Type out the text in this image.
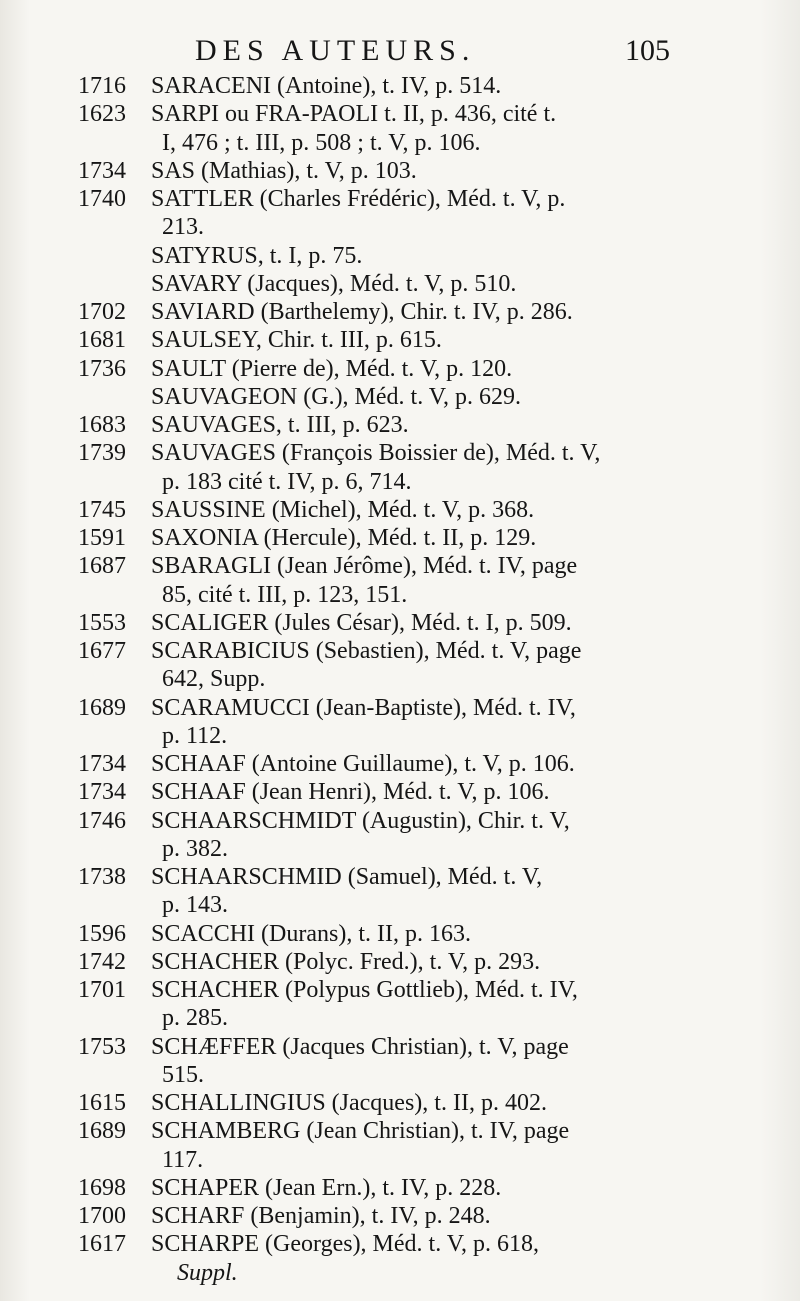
DES AUTEURS.	105
1716	SARACENI (Antoine), t. IV, p. 514.
1623	SARPI ou FRA-PAOLI t. II, p. 436, cité t.
I, 476 ; t. III, p. 508 ; t. V, p. 106.
1734	SAS (Mathias), t. V, p. 103.
1740	SATTLER (Charles Frédéric), Méd. t. V, p.
213.
SATYRUS, t. I, p. 75.
SAVARY (Jacques), Méd. t. V, p. 510.
1702	SAVIARD (Barthelemy), Chir. t. IV, p. 286.
1681	SAULSEY, Chir. t. III, p. 615.
1736	SAULT (Pierre de), Méd. t. V, p. 120.
SAUVAGEON (G.), Méd. t. V, p. 629.
1683	SAUVAGES, t. III, p. 623.
1739	SAUVAGES (François Boissier de), Méd. t. V,
p. 183 cité t. IV, p. 6, 714.
1745	SAUSSINE (Michel), Méd. t. V, p. 368.
1591	SAXONIA (Hercule), Méd. t. II, p. 129.
1687	SBARAGLI (Jean Jérôme), Méd. t. IV, page
85, cité t. III, p. 123, 151.
1553	SCALIGER (Jules César), Méd. t. I, p. 509.
1677	SCARABICIUS (Sebastien), Méd. t. V, page
642, Supp.
1689	SCARAMUCCI (Jean-Baptiste), Méd. t. IV,
p. 112.
1734	SCHAAF (Antoine Guillaume), t. V, p. 106.
1734	SCHAAF (Jean Henri), Méd. t. V, p. 106.
1746	SCHAARSCHMIDT (Augustin), Chir. t. V,
p. 382.
1738	SCHAARSCHMID (Samuel), Méd. t. V,
p. 143.
1596	SCACCHI (Durans), t. II, p. 163.
1742	SCHACHER (Polyc. Fred.), t. V, p. 293.
1701	SCHACHER (Polypus Gottlieb), Méd. t. IV,
p. 285.
1753	SCHÆFFER (Jacques Christian), t. V, page
515.
1615	SCHALLINGIUS (Jacques), t. II, p. 402.
1689	SCHAMBERG (Jean Christian), t. IV, page
117.
1698	SCHAPER (Jean Ern.), t. IV, p. 228.
1700	SCHARF (Benjamin), t. IV, p. 248.
1617	SCHARPE (Georges), Méd. t. V, p. 618,
Suppl.
